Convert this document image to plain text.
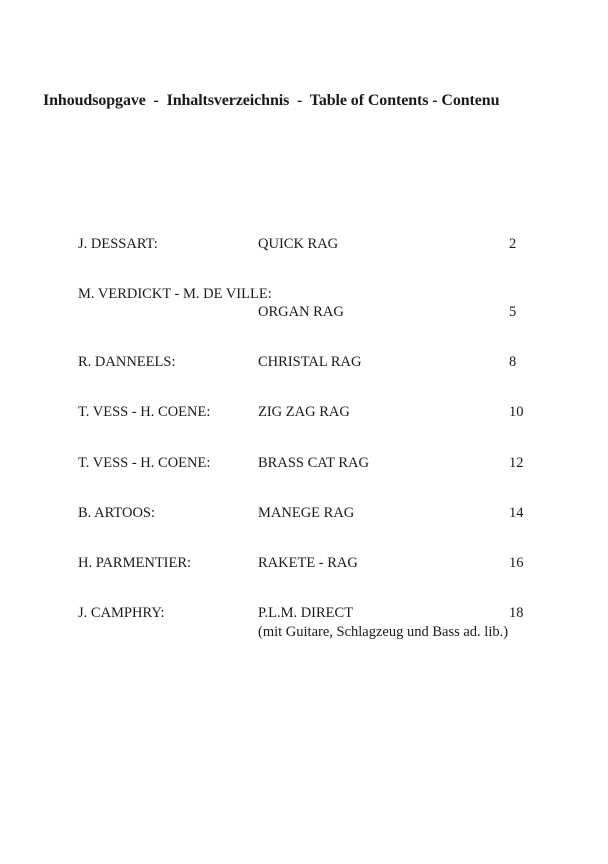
Inhoudsopgave  -  Inhaltsverzeichnis  -  Table of Contents - Contenu
J. DESSART:	QUICK RAG	2
M. VERDICKT - M. DE VILLE:
ORGAN RAG	5
R. DANNEELS:	CHRISTAL RAG	8
T. VESS - H. COENE:	ZIG ZAG RAG	10
T. VESS - H. COENE:	BRASS CAT RAG	12
B. ARTOOS:	MANEGE RAG	14
H. PARMENTIER:	RAKETE - RAG	16
J. CAMPHRY:	P.L.M. DIRECT	18
(mit Guitare, Schlagzeug und Bass ad. lib.)
